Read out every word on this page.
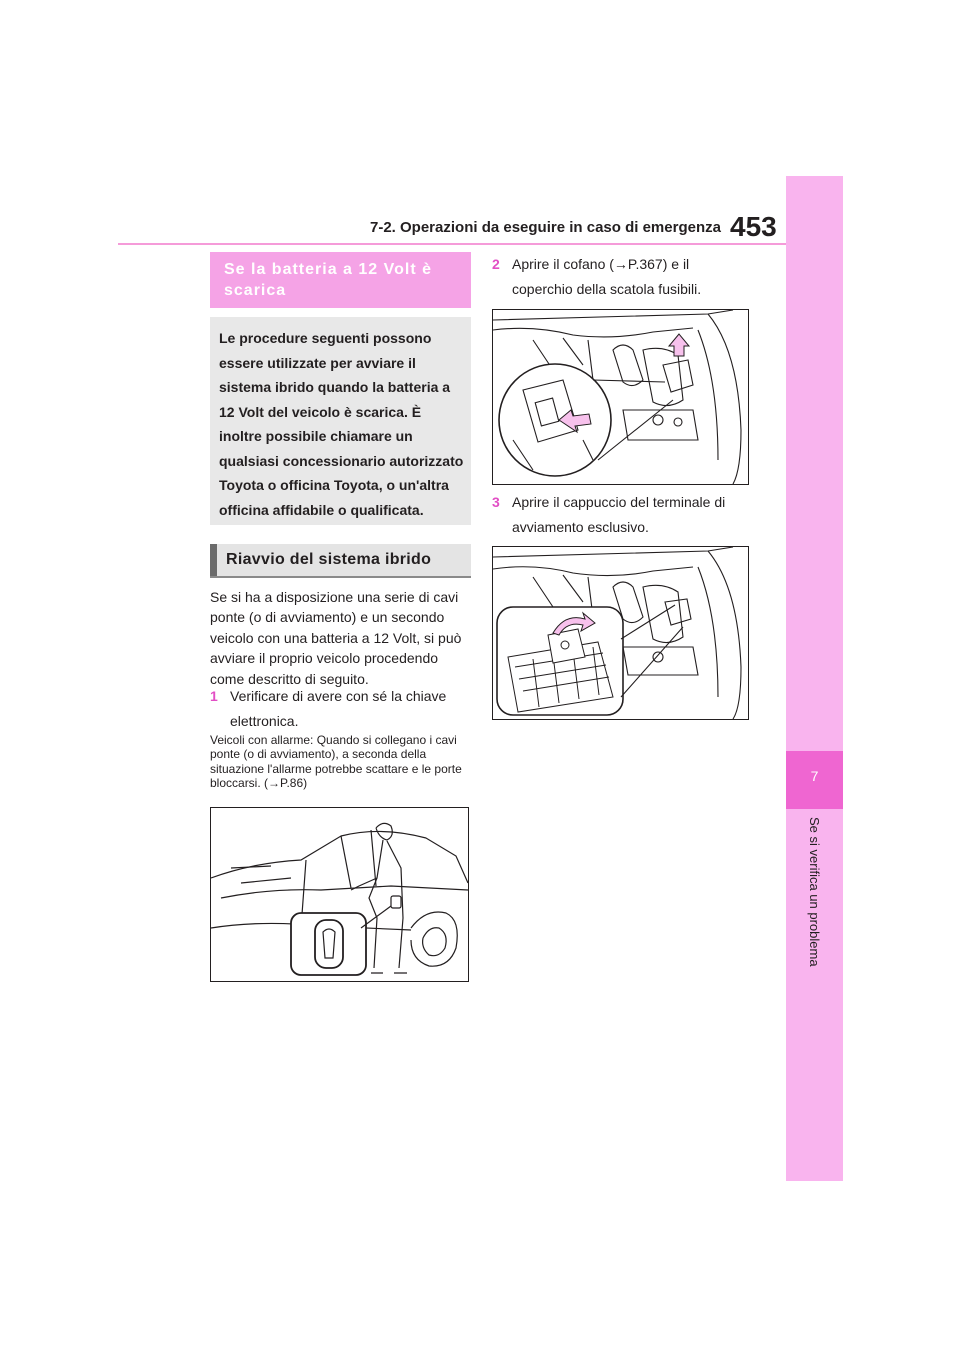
7-2. Operazioni da eseguire in caso di emergenza 453
7
Se si verifica un problema
Se la batteria a 12 Volt è scarica
Le procedure seguenti possono essere utilizzate per avviare il sistema ibrido quando la batteria a 12 Volt del veicolo è scarica. È inoltre possibile chiamare un qualsiasi concessionario autorizzato Toyota o officina Toyota, o un'altra officina affidabile o qualificata.
Riavvio del sistema ibrido
Se si ha a disposizione una serie di cavi ponte (o di avviamento) e un secondo veicolo con una batteria a 12 Volt, si può avviare il proprio veicolo procedendo come descritto di seguito.
1 Verificare di avere con sé la chiave elettronica.
Veicoli con allarme: Quando si collegano i cavi ponte (o di avviamento), a seconda della situazione l'allarme potrebbe scattare e le porte bloccarsi. (→P.86)
2 Aprire il cofano (→P.367) e il coperchio della scatola fusibili.
3 Aprire il cappuccio del terminale di avviamento esclusivo.
